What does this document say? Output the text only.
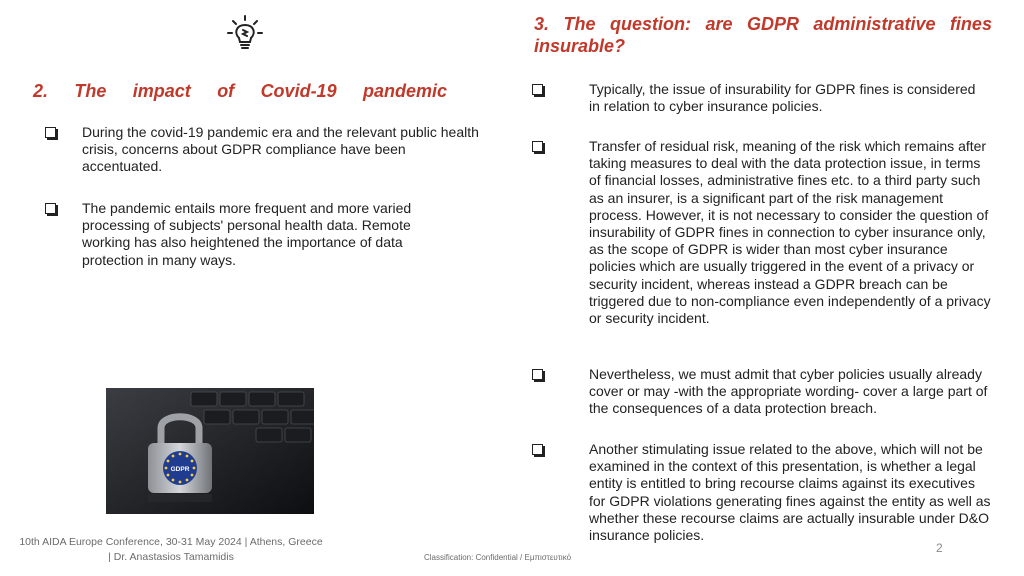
2. The impact of Covid-19 pandemic
During the covid-19 pandemic era and the relevant public health crisis, concerns about GDPR compliance have been accentuated.
The pandemic entails more frequent and more varied processing of subjects' personal health data. Remote working has also heightened the importance of data protection in many ways.
GDPR
3. The question: are GDPR administrative fines
insurable?
Typically, the issue of insurability for GDPR fines is considered in relation to cyber insurance policies.
Transfer of residual risk, meaning of the risk which remains after taking measures to deal with the data protection issue, in terms of financial losses, administrative fines etc. to a third party such as an insurer, is a significant part of the risk management process. However, it is not necessary to consider the question of insurability of GDPR fines in connection to cyber insurance only, as the scope of GDPR is wider than most cyber insurance policies which are usually triggered in the event of a privacy or security incident, whereas instead a GDPR breach can be triggered due to non-compliance even independently of a privacy or security incident.
Nevertheless, we must admit that cyber policies usually already cover or may -with the appropriate wording- cover a large part of the consequences of a data protection breach.
Another stimulating issue related to the above, which will not be examined in the context of this presentation, is whether a legal entity is entitled to bring recourse claims against its executives for GDPR violations generating fines against the entity as well as whether these recourse claims are actually insurable under D&O insurance policies.
10th AIDA Europe Conference, 30-31 May 2024 | Athens, Greece | Dr. Anastasios Tamamidis	Classification: Confidential / Εμπιστευτικό
2
